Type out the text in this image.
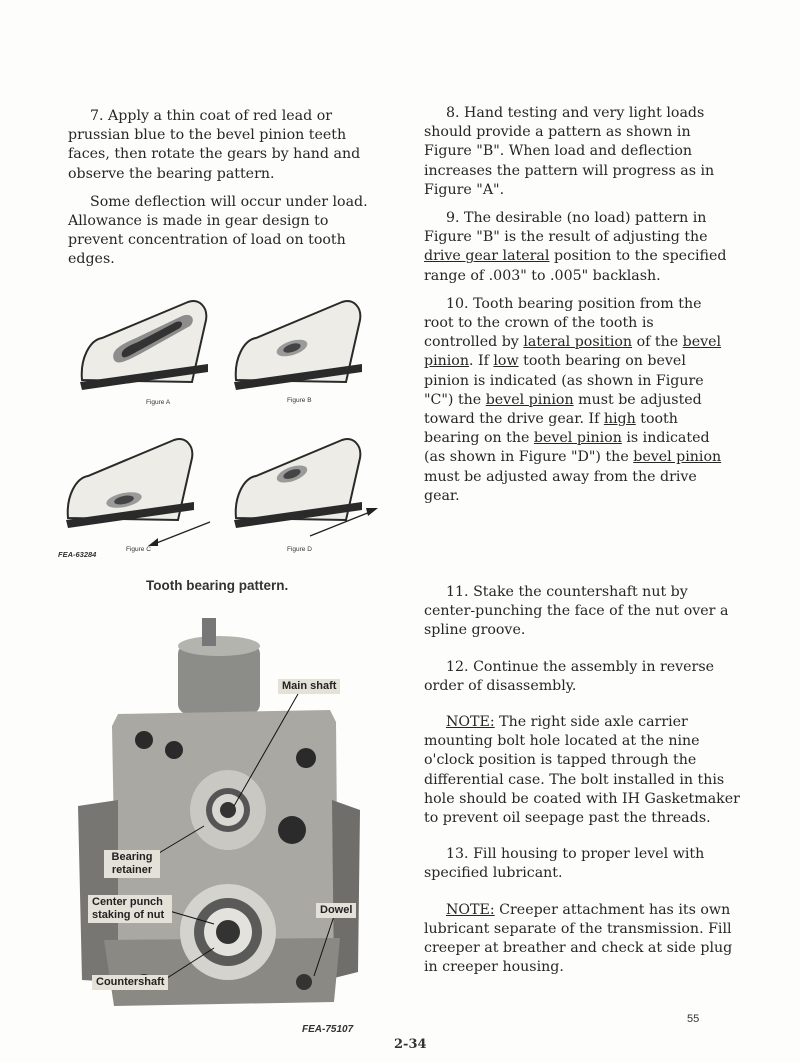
7. Apply a thin coat of red lead or prussian blue to the bevel pinion teeth faces, then rotate the gears by hand and observe the bearing pattern.

Some deflection will occur under load. Allowance is made in gear design to prevent concentration of load on tooth edges.

Figure A	Figure B
Figure C	Figure D
FEA-63284
Tooth bearing pattern.
Main shaft
Bearing retainer
Center punch staking of nut	Dowel
Countershaft
FEA-75107

8. Hand testing and very light loads should provide a pattern as shown in Figure "B". When load and deflection increases the pattern will progress as in Figure "A".

9. The desirable (no load) pattern in Figure "B" is the result of adjusting the drive gear lateral position to the specified range of .003" to .005" backlash.

10. Tooth bearing position from the root to the crown of the tooth is controlled by lateral position of the bevel pinion. If low tooth bearing on bevel pinion is indicated (as shown in Figure "C") the bevel pinion must be adjusted toward the drive gear. If high tooth bearing on the bevel pinion is indicated (as shown in Figure "D") the bevel pinion must be adjusted away from the drive gear.

11. Stake the countershaft nut by center-punching the face of the nut over a spline groove.

12. Continue the assembly in reverse order of disassembly.

NOTE: The right side axle carrier mounting bolt hole located at the nine o'clock position is tapped through the differential case. The bolt installed in this hole should be coated with IH Gasketmaker to prevent oil seepage past the threads.

13. Fill housing to proper level with specified lubricant.

NOTE: Creeper attachment has its own lubricant separate of the transmission. Fill creeper at breather and check at side plug in creeper housing.

55
2-34
